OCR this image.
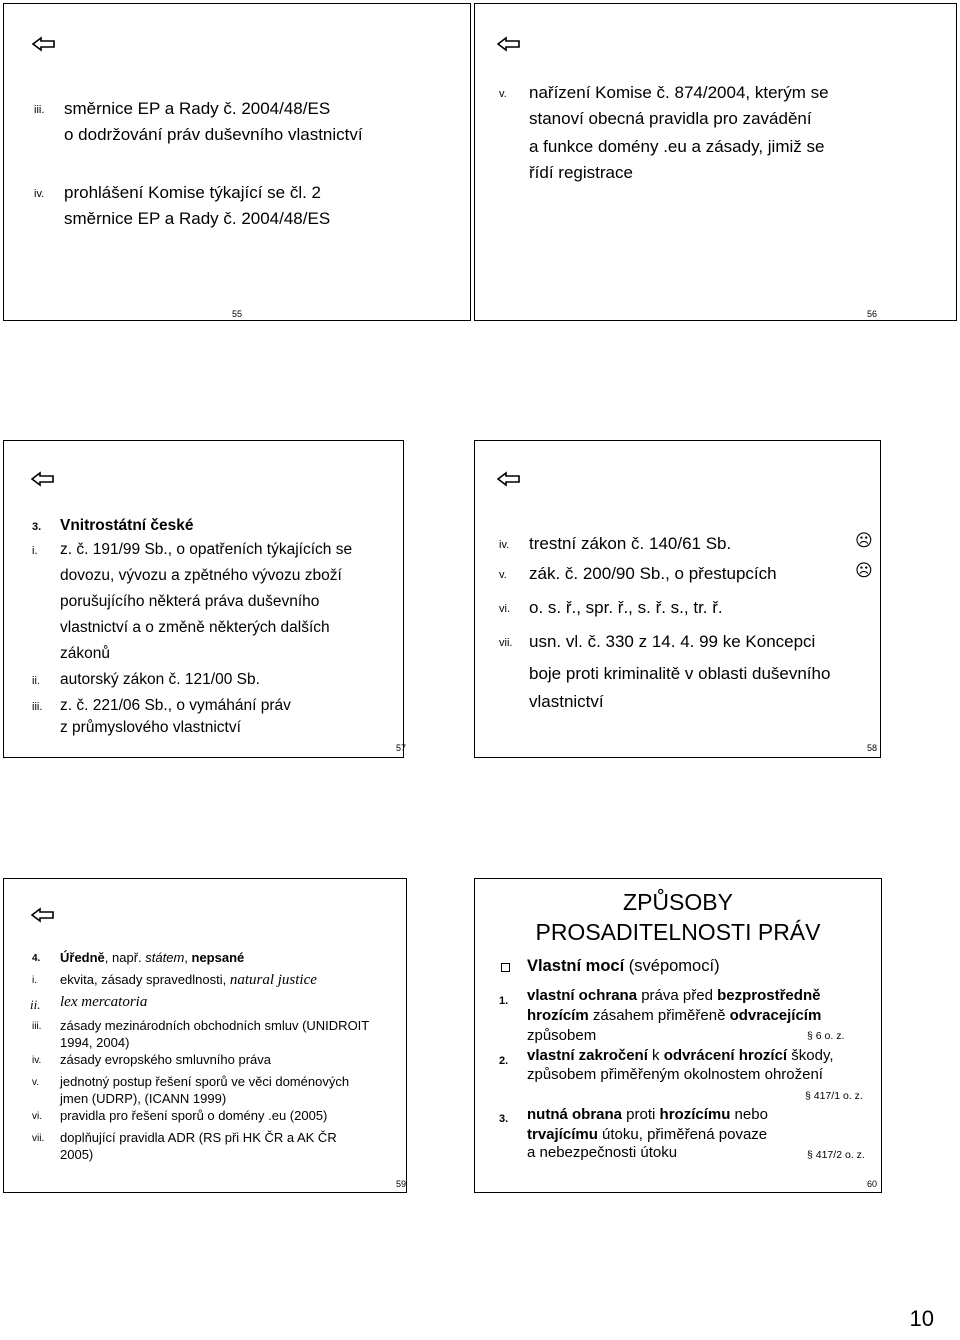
iii. směrnice EP a Rady č. 2004/48/ES
o dodržování práv duševního vlastnictví
iv. prohlášení Komise týkající se čl. 2
směrnice EP a Rady č. 2004/48/ES
55
v. nařízení Komise č. 874/2004, kterým se
stanoví obecná pravidla pro zavádění
a funkce domény .eu a zásady, jimiž se
řídí registrace
56
3. Vnitrostátní české
i. z. č. 191/99 Sb., o opatřeních týkajících se
dovozu, vývozu a zpětného vývozu zboží
porušujícího některá práva duševního
vlastnictví a o změně některých dalších
zákonů
ii. autorský zákon č. 121/00 Sb.
iii. z. č. 221/06 Sb., o vymáhání práv
z průmyslového vlastnictví
57
iv. trestní zákon č. 140/61 Sb.	☹
v. zák. č. 200/90 Sb., o přestupcích	☹
vi. o. s. ř., spr. ř., s. ř. s., tr. ř.
vii. usn. vl. č. 330 z 14. 4. 99 ke Koncepci
boje proti kriminalitě v oblasti duševního
vlastnictví
58
4. Úředně, např. státem, nepsané
i. ekvita, zásady spravedlnosti, natural justice
ii. lex mercatoria
iii. zásady mezinárodních obchodních smluv (UNIDROIT
1994, 2004)
iv. zásady evropského smluvního práva
v. jednotný postup řešení sporů ve věci doménových
jmen (UDRP), (ICANN 1999)
vi. pravidla pro řešení sporů o domény .eu (2005)
vii. doplňující pravidla ADR (RS při HK ČR a AK ČR
2005)
59
ZPŮSOBY
PROSADITELNOSTI PRÁV
Vlastní mocí (svépomocí)
1. vlastní ochrana práva před bezprostředně
hrozícím zásahem přiměřeně odvracejícím
způsobem	§ 6 o. z.
2. vlastní zakročení k odvrácení hrozící škody,
způsobem přiměřeným okolnostem ohrožení
§ 417/1 o. z.
3. nutná obrana proti hrozícímu nebo
trvajícímu útoku, přiměřená povaze
a nebezpečnosti útoku	§ 417/2 o. z.
60
10
